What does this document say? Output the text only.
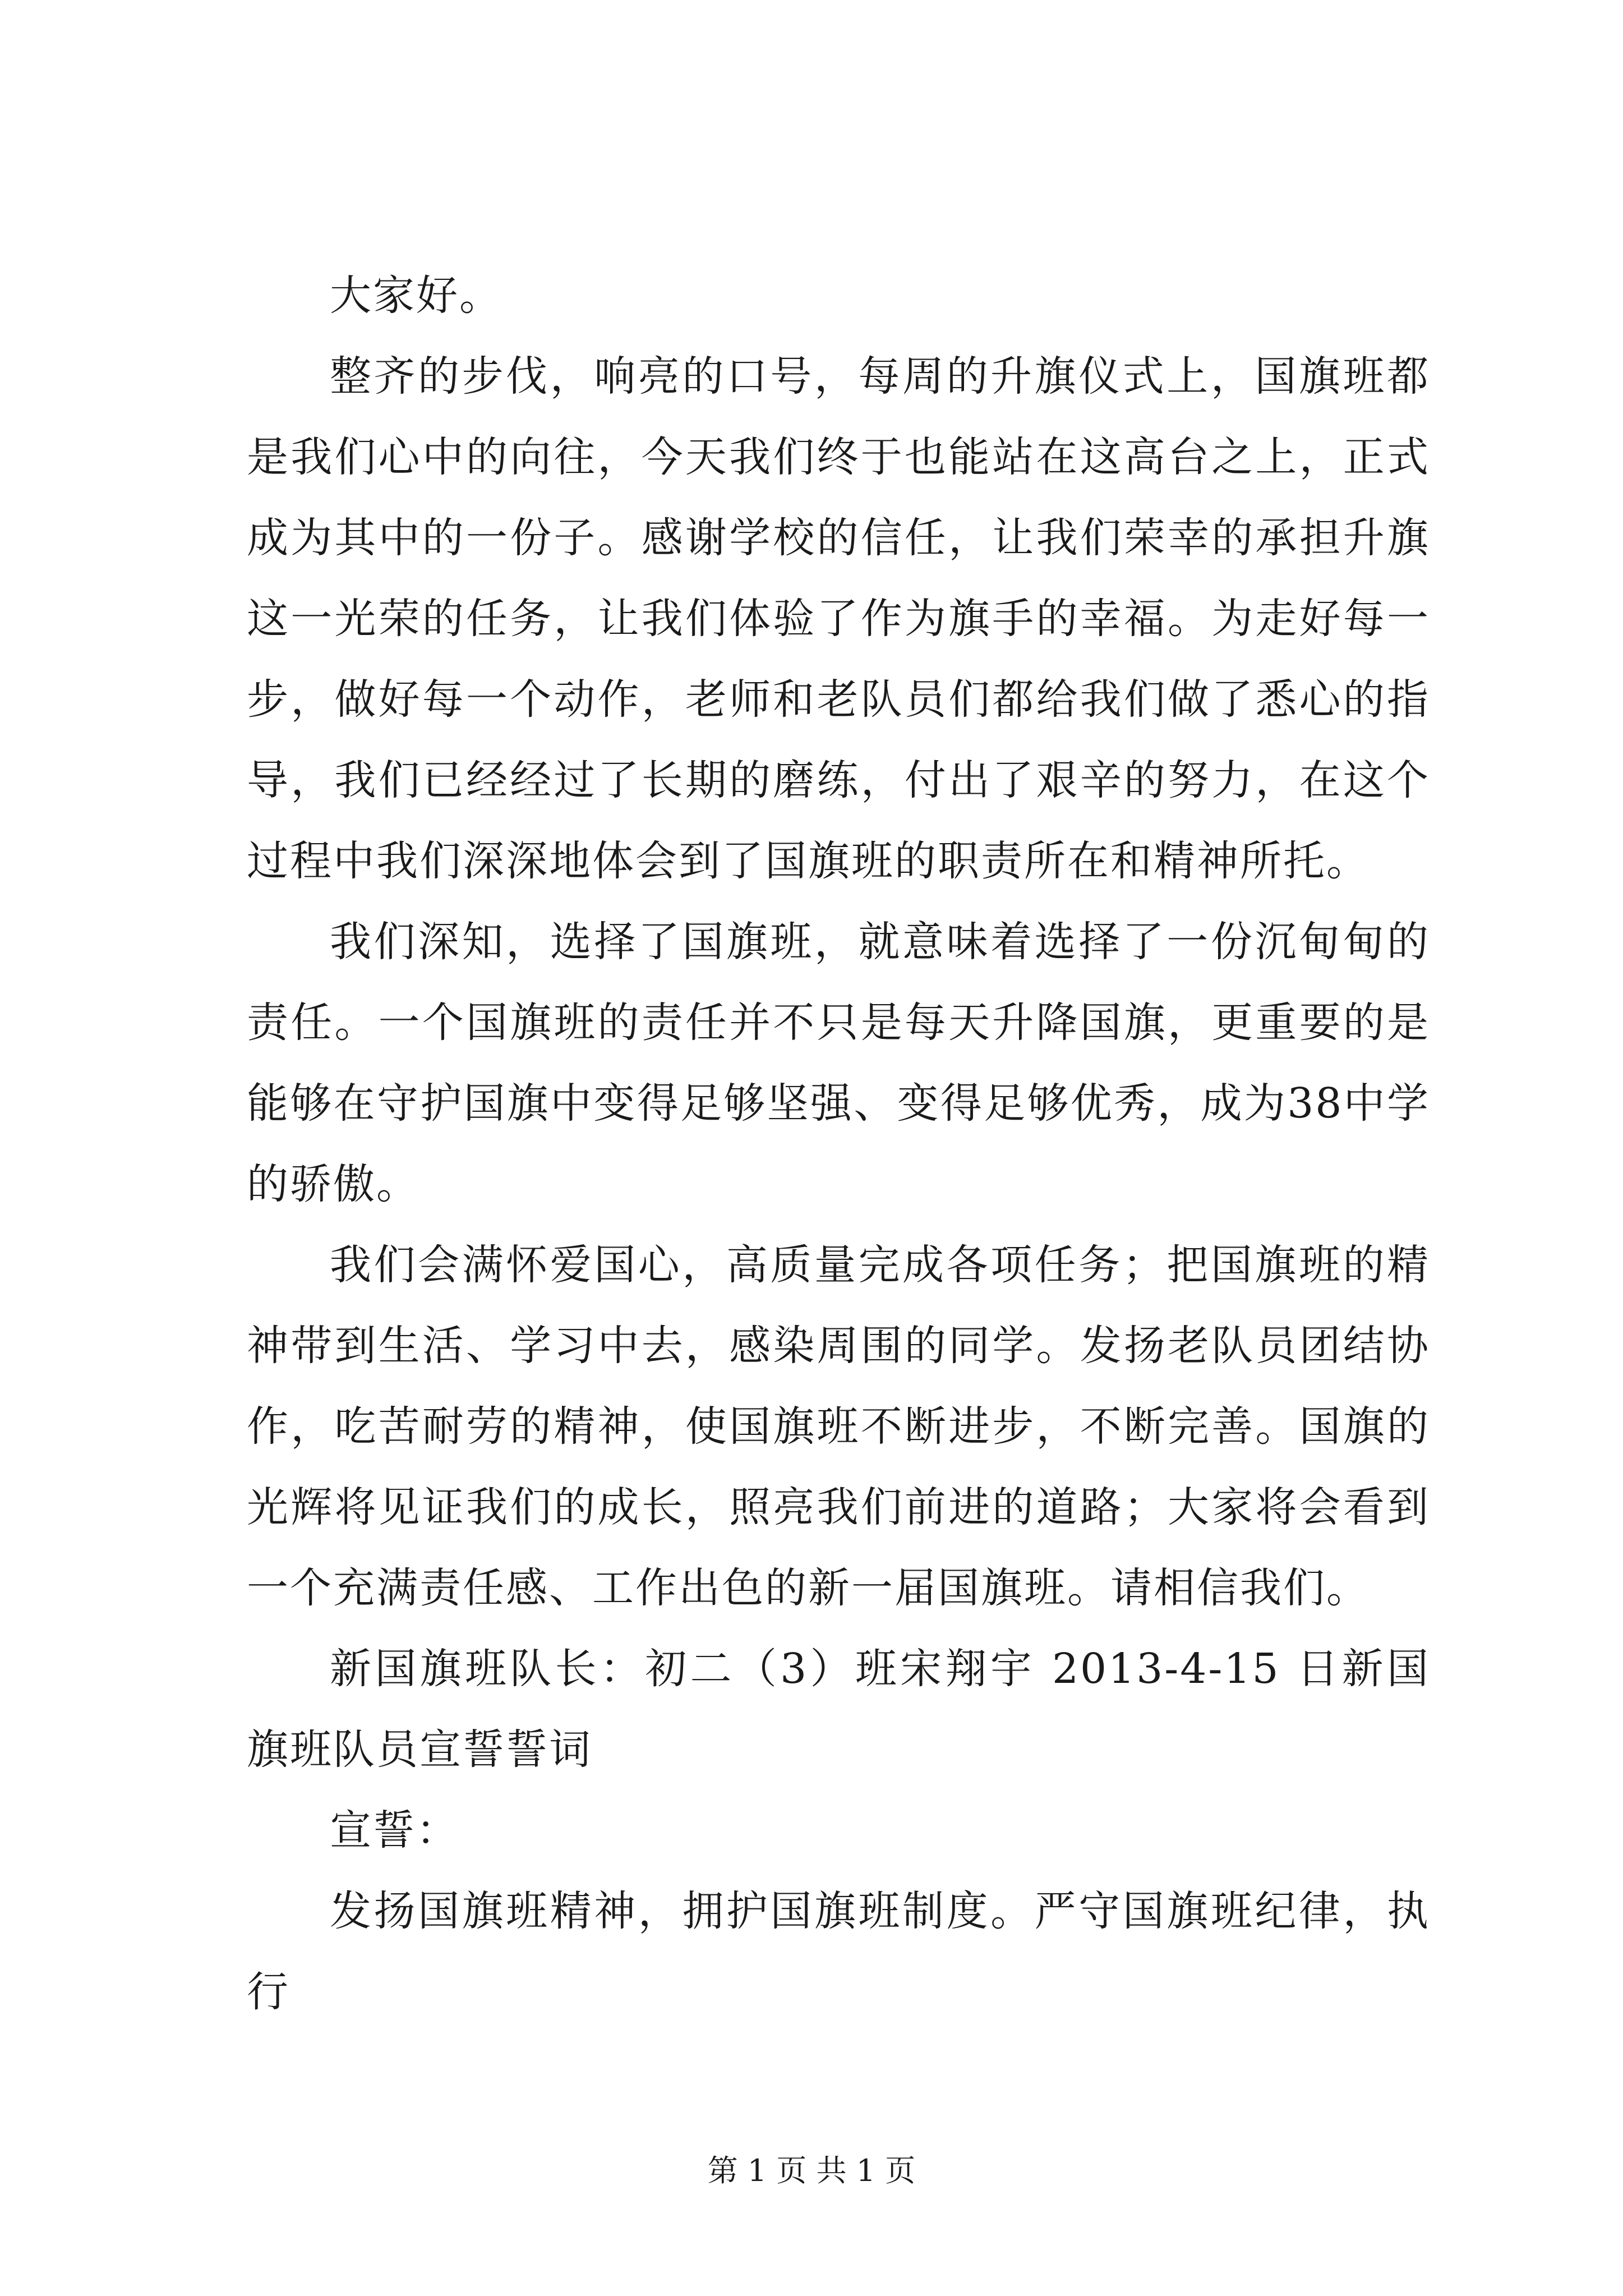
大家好。

整齐的步伐，响亮的口号，每周的升旗仪式上，国旗班都是我们心中的向往，今天我们终于也能站在这高台之上，正式成为其中的一份子。感谢学校的信任，让我们荣幸的承担升旗这一光荣的任务，让我们体验了作为旗手的幸福。为走好每一步，做好每一个动作，老师和老队员们都给我们做了悉心的指导，我们已经经过了长期的磨练，付出了艰辛的努力，在这个过程中我们深深地体会到了国旗班的职责所在和精神所托。

我们深知，选择了国旗班，就意味着选择了一份沉甸甸的责任。一个国旗班的责任并不只是每天升降国旗，更重要的是能够在守护国旗中变得足够坚强、变得足够优秀，成为38中学的骄傲。

我们会满怀爱国心，高质量完成各项任务；把国旗班的精神带到生活、学习中去，感染周围的同学。发扬老队员团结协作，吃苦耐劳的精神，使国旗班不断进步，不断完善。国旗的光辉将见证我们的成长，照亮我们前进的道路；大家将会看到一个充满责任感、工作出色的新一届国旗班。请相信我们。

新国旗班队长：初二（3）班宋翔宇 2013-4-15 日新国旗班队员宣誓誓词

宣誓：

发扬国旗班精神，拥护国旗班制度。严守国旗班纪律，执行

第 1 页 共 1 页
